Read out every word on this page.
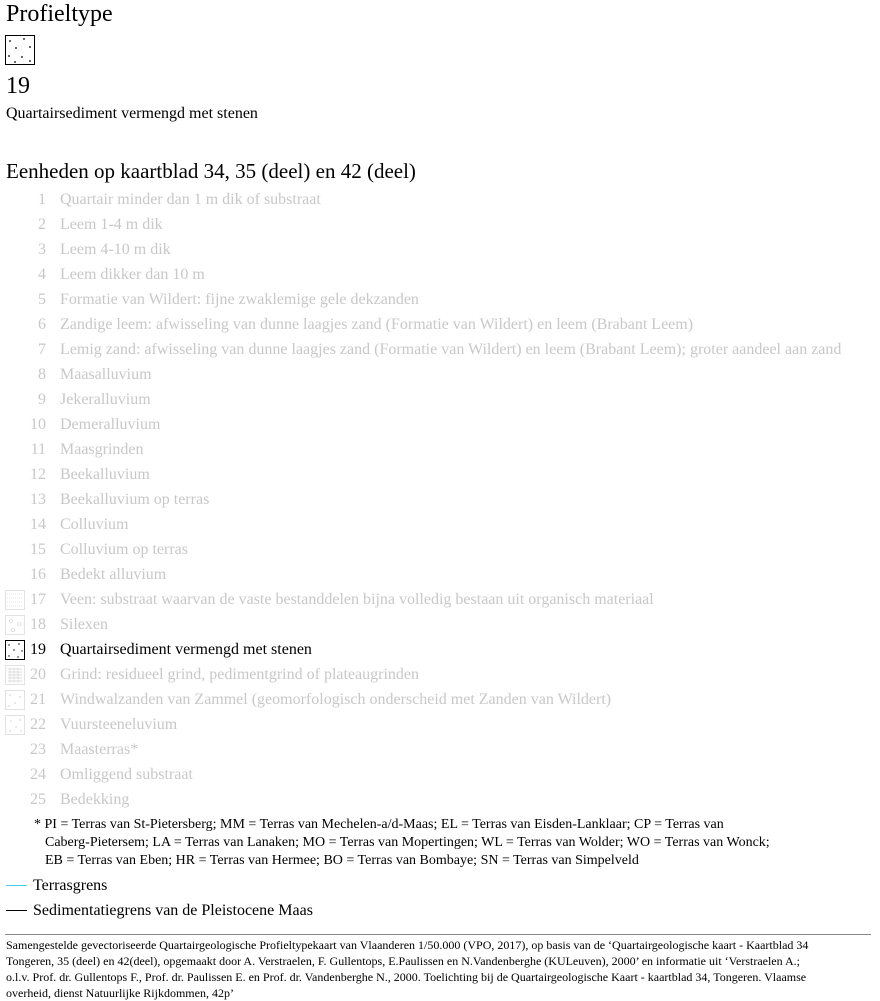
Profieltype
19
Quartairsediment vermengd met stenen
Eenheden op kaartblad 34, 35 (deel) en 42 (deel)
1 Quartair minder dan 1 m dik of substraat
2 Leem 1-4 m dik
3 Leem 4-10 m dik
4 Leem dikker dan 10 m
5 Formatie van Wildert: fijne zwaklemige gele dekzanden
6 Zandige leem: afwisseling van dunne laagjes zand (Formatie van Wildert) en leem (Brabant Leem)
7 Lemig zand: afwisseling van dunne laagjes zand (Formatie van Wildert) en leem (Brabant Leem); groter aandeel aan zand
8 Maasalluvium
9 Jekeralluvium
10 Demeralluvium
11 Maasgrinden
12 Beekalluvium
13 Beekalluvium op terras
14 Colluvium
15 Colluvium op terras
16 Bedekt alluvium
17 Veen: substraat waarvan de vaste bestanddelen bijna volledig bestaan uit organisch materiaal
18 Silexen
19 Quartairsediment vermengd met stenen
20 Grind: residueel grind, pedimentgrind of plateaugrinden
21 Windwalzanden van Zammel (geomorfologisch onderscheid met Zanden van Wildert)
22 Vuursteeneluvium
23 Maasterras*
24 Omliggend substraat
25 Bedekking
* PI = Terras van St-Pietersberg; MM = Terras van Mechelen-a/d-Maas; EL = Terras van Eisden-Lanklaar; CP = Terras van
Caberg-Pietersem; LA = Terras van Lanaken; MO = Terras van Mopertingen; WL = Terras van Wolder; WO = Terras van Wonck;
EB = Terras van Eben; HR = Terras van Hermee; BO = Terras van Bombaye; SN = Terras van Simpelveld
Terrasgrens
Sedimentatiegrens van de Pleistocene Maas
Samengestelde gevectoriseerde Quartairgeologische Profieltypekaart van Vlaanderen 1/50.000 (VPO, 2017), op basis van de ‘Quartairgeologische kaart - Kaartblad 34
Tongeren, 35 (deel) en 42(deel), opgemaakt door A. Verstraelen, F. Gullentops, E.Paulissen en N.Vandenberghe (KULeuven), 2000’ en informatie uit ‘Verstraelen A.;
o.l.v. Prof. dr. Gullentops F., Prof. dr. Paulissen E. en Prof. dr. Vandenberghe N., 2000. Toelichting bij de Quartairgeologische Kaart - kaartblad 34, Tongeren. Vlaamse
overheid, dienst Natuurlijke Rijkdommen, 42p’
